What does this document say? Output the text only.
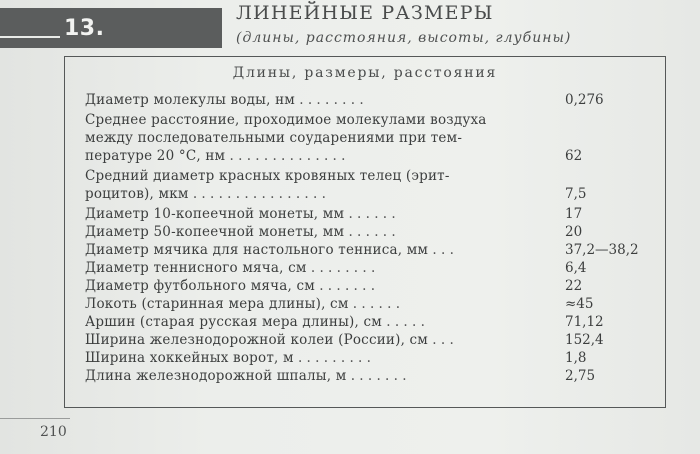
13.
ЛИНЕЙНЫЕ РАЗМЕРЫ
(длины, расстояния, высоты, глубины)
Длины, размеры, расстояния
Диаметр молекулы воды, нм . . . . . . . .	0,276
Среднее расстояние, проходимое молекулами воздуха
между последовательными соударениями при тем-
пературе 20 °С, нм . . . . . . . . . . . . . .	62
Средний диаметр красных кровяных телец (эрит-
роцитов), мкм . . . . . . . . . . . . . . . .	7,5
Диаметр 10-копеечной монеты, мм . . . . . .	17
Диаметр 50-копеечной монеты, мм . . . . . .	20
Диаметр мячика для настольного тенниса, мм . . .	37,2—38,2
Диаметр теннисного мяча, см . . . . . . . .	6,4
Диаметр футбольного мяча, см . . . . . . .	22
Локоть (старинная мера длины), см . . . . . .	≈45
Аршин (старая русская мера длины), см . . . . .	71,12
Ширина железнодорожной колеи (России), см . . .	152,4
Ширина хоккейных ворот, м . . . . . . . . .	1,8
Длина железнодорожной шпалы, м . . . . . . .	2,75
210
